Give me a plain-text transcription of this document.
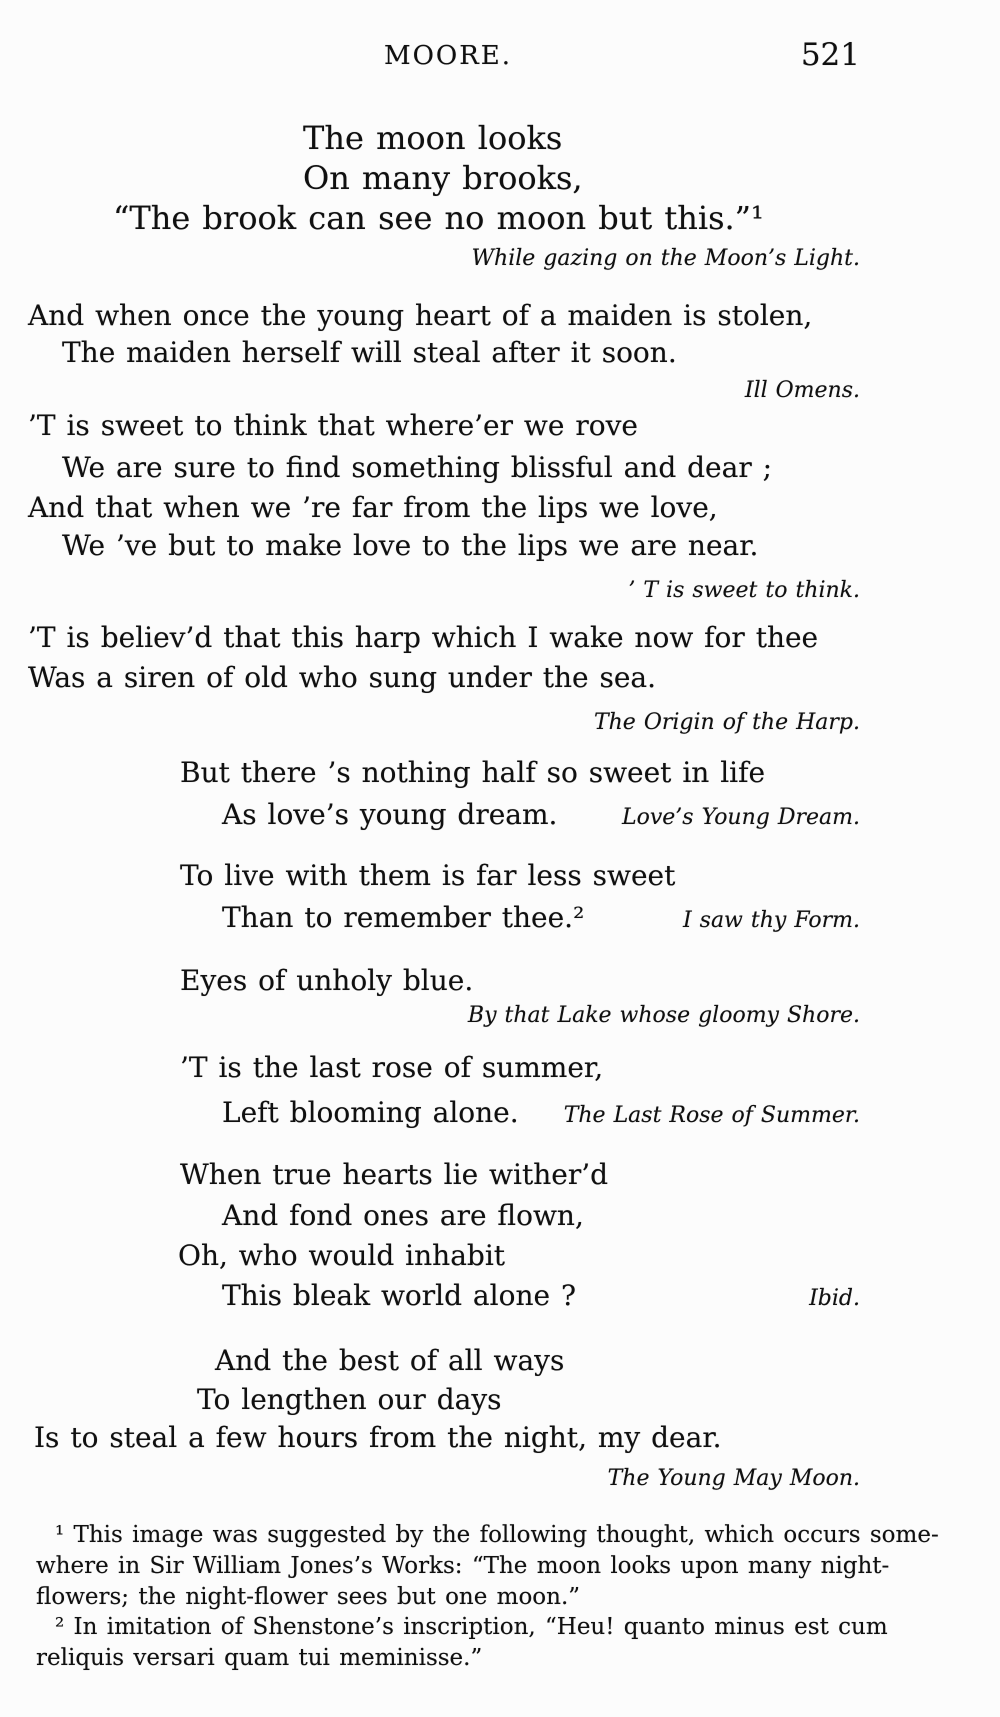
MOORE.	521
The moon looks
On many brooks,
“The brook can see no moon but this.”¹
While gazing on the Moon’s Light.
And when once the young heart of a maiden is stolen,
The maiden herself will steal after it soon.
Ill Omens.
’T is sweet to think that where’er we rove
We are sure to find something blissful and dear ;
And that when we ’re far from the lips we love,
We ’ve but to make love to the lips we are near.
’ T is sweet to think.
’T is believ’d that this harp which I wake now for thee
Was a siren of old who sung under the sea.
The Origin of the Harp.
But there ’s nothing half so sweet in life
As love’s young dream.	Love’s Young Dream.
To live with them is far less sweet
Than to remember thee.²	I saw thy Form.
Eyes of unholy blue.
By that Lake whose gloomy Shore.
’T is the last rose of summer,
Left blooming alone. The Last Rose of Summer.
When true hearts lie wither’d
And fond ones are flown,
Oh, who would inhabit
This bleak world alone ?	Ibid.
And the best of all ways
To lengthen our days
Is to steal a few hours from the night, my dear.
The Young May Moon.
¹ This image was suggested by the following thought, which occurs some-
where in Sir William Jones’s Works: “The moon looks upon many night-
flowers; the night-flower sees but one moon.”
² In imitation of Shenstone’s inscription, “Heu! quanto minus est cum
reliquis versari quam tui meminisse.”
